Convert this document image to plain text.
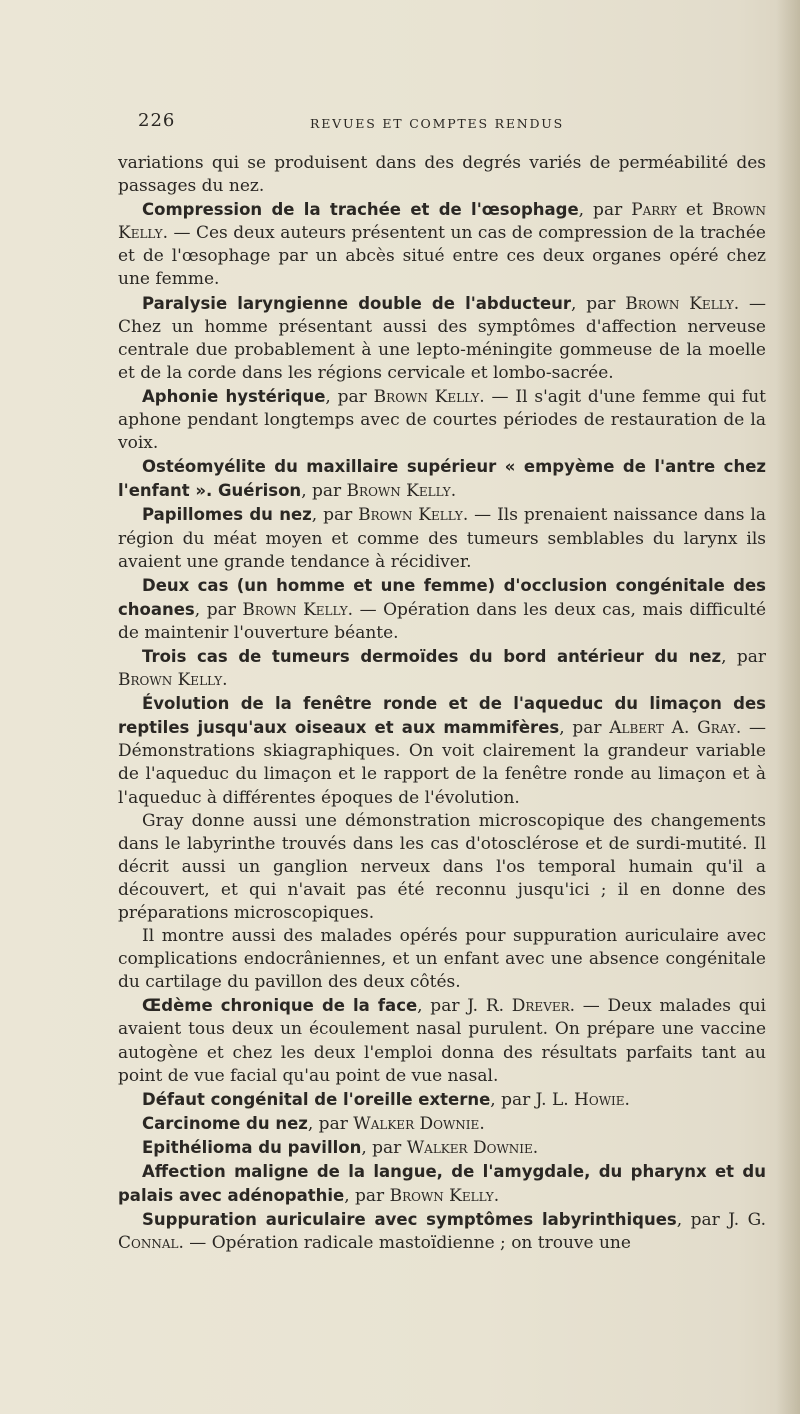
226	REVUES ET COMPTES RENDUS

variations qui se produisent dans des degrés variés de perméabilité des passages du nez.

Compression de la trachée et de l'œsophage, par Parry et Brown Kelly. — Ces deux auteurs présentent un cas de compression de la trachée et de l'œsophage par un abcès situé entre ces deux organes opéré chez une femme.

Paralysie laryngienne double de l'abducteur, par Brown Kelly. — Chez un homme présentant aussi des symptômes d'affection nerveuse centrale due probablement à une lepto-méningite gommeuse de la moelle et de la corde dans les régions cervicale et lombo-sacrée.

Aphonie hystérique, par Brown Kelly. — Il s'agit d'une femme qui fut aphone pendant longtemps avec de courtes périodes de restauration de la voix.

Ostéomyélite du maxillaire supérieur « empyème de l'antre chez l'enfant ». Guérison, par Brown Kelly.

Papillomes du nez, par Brown Kelly. — Ils prenaient naissance dans la région du méat moyen et comme des tumeurs semblables du larynx ils avaient une grande tendance à récidiver.

Deux cas (un homme et une femme) d'occlusion congénitale des choanes, par Brown Kelly. — Opération dans les deux cas, mais difficulté de maintenir l'ouverture béante.

Trois cas de tumeurs dermoïdes du bord antérieur du nez, par Brown Kelly.

Évolution de la fenêtre ronde et de l'aqueduc du limaçon des reptiles jusqu'aux oiseaux et aux mammifères, par Albert A. Gray. — Démonstrations skiagraphiques. On voit clairement la grandeur variable de l'aqueduc du limaçon et le rapport de la fenêtre ronde au limaçon et à l'aqueduc à différentes époques de l'évolution.

Gray donne aussi une démonstration microscopique des changements dans le labyrinthe trouvés dans les cas d'otosclérose et de surdi-mutité. Il décrit aussi un ganglion nerveux dans l'os temporal humain qu'il a découvert, et qui n'avait pas été reconnu jusqu'ici ; il en donne des préparations microscopiques.

Il montre aussi des malades opérés pour suppuration auriculaire avec complications endocrâniennes, et un enfant avec une absence congénitale du cartilage du pavillon des deux côtés.

Œdème chronique de la face, par J. R. Drever. — Deux malades qui avaient tous deux un écoulement nasal purulent. On prépare une vaccine autogène et chez les deux l'emploi donna des résultats parfaits tant au point de vue facial qu'au point de vue nasal.

Défaut congénital de l'oreille externe, par J. L. Howie.

Carcinome du nez, par Walker Downie.

Epithélioma du pavillon, par Walker Downie.

Affection maligne de la langue, de l'amygdale, du pharynx et du palais avec adénopathie, par Brown Kelly.

Suppuration auriculaire avec symptômes labyrinthiques, par J. G. Connal. — Opération radicale mastoïdienne ; on trouve une
